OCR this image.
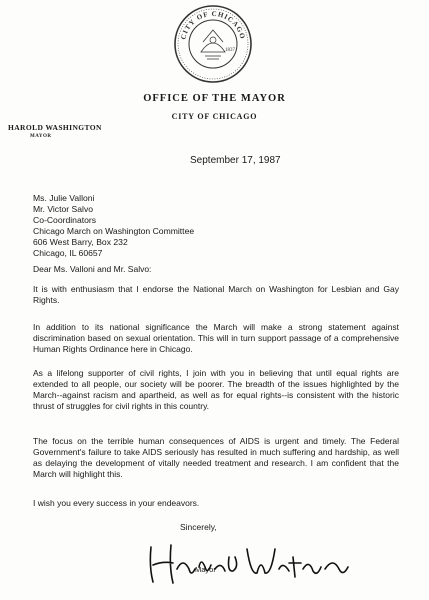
CITY OF CHICAGO
1837
OFFICE OF THE MAYOR
CITY OF CHICAGO
HAROLD WASHINGTON
MAYOR
September 17, 1987
Ms. Julie Valloni
Mr. Victor Salvo
Co-Coordinators
Chicago March on Washington Committee
606 West Barry, Box 232
Chicago, IL 60657
Dear Ms. Valloni and Mr. Salvo:
It is with enthusiasm that I endorse the National March on Washington for Lesbian and Gay Rights.
In addition to its national significance the March will make a strong statement against discrimination based on sexual orientation. This will in turn support passage of a comprehensive Human Rights Ordinance here in Chicago.
As a lifelong supporter of civil rights, I join with you in believing that until equal rights are extended to all people, our society will be poorer. The breadth of the issues highlighted by the March--against racism and apartheid, as well as for equal rights--is consistent with the historic thrust of struggles for civil rights in this country.
The focus on the terrible human consequences of AIDS is urgent and timely. The Federal Government's failure to take AIDS seriously has resulted in much suffering and hardship, as well as delaying the development of vitally needed treatment and research. I am confident that the March will highlight this.
I wish you every success in your endeavors.
Sincerely,
Mayor
